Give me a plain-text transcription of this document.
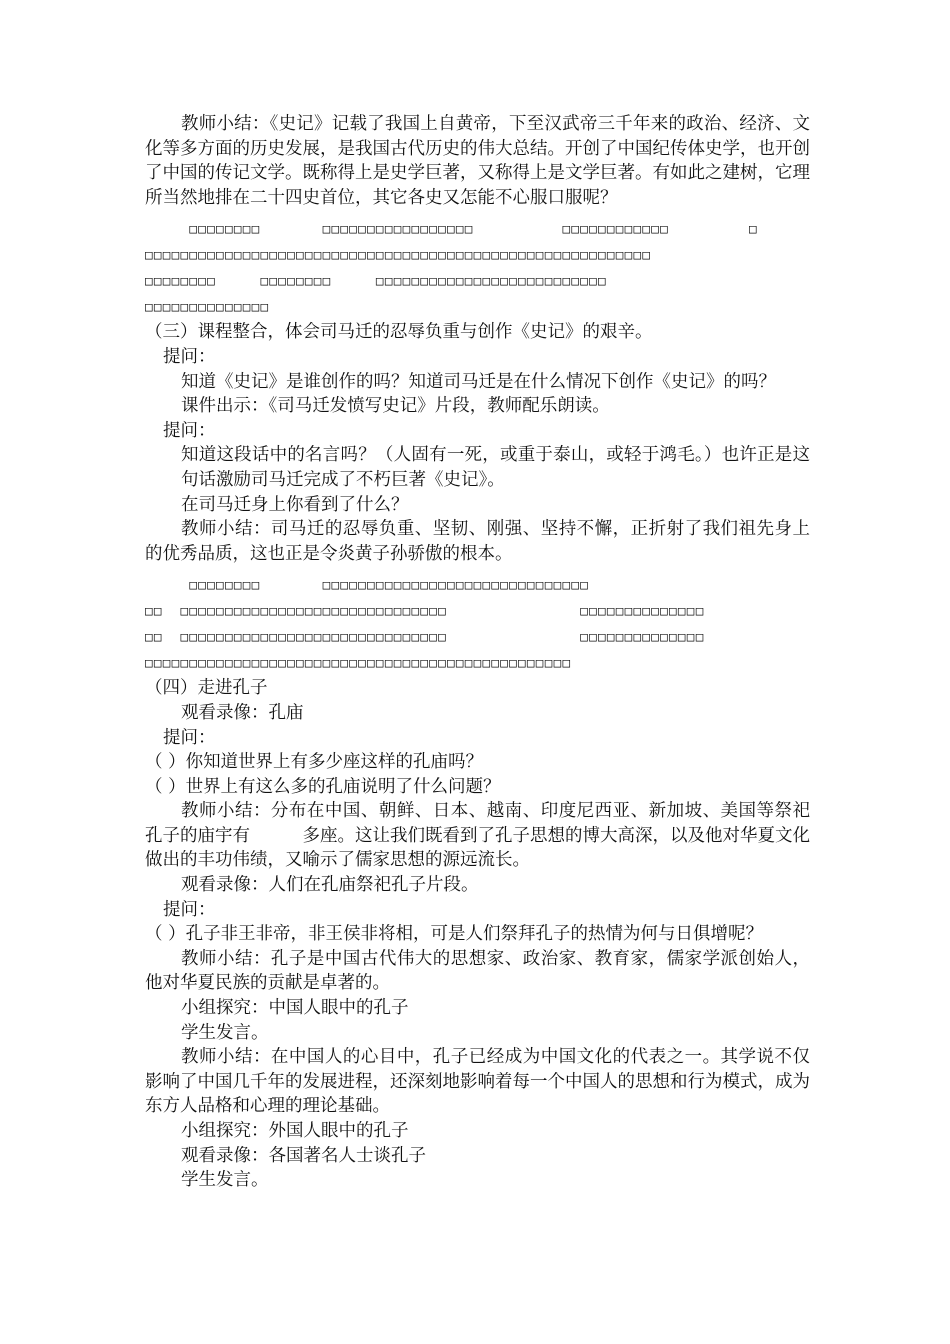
教师小结：《史记》记载了我国上自黄帝，下至汉武帝三千年来的政治、经济、文化等多方面的历史发展，是我国古代历史的伟大总结。开创了中国纪传体史学，也开创了中国的传记文学。既称得上是史学巨著，又称得上是文学巨著。有如此之建树，它理所当然地排在二十四史首位，其它各史又怎能不心服口服呢？

□□□□□□□□       □□□□□□□□□□□□□□□□□          □□□□□□□□□□□□         □
□□□□□□□□□□□□□□□□□□□□□□□□□□□□□□□□□□□□□□□□□□□□□□□□□□□□□□□□□
□□□□□□□□     □□□□□□□□     □□□□□□□□□□□□□□□□□□□□□□□□□□
□□□□□□□□□□□□□□

（三）课程整合，体会司马迁的忍辱负重与创作《史记》的艰辛。

提问：

知道《史记》是谁创作的吗？知道司马迁是在什么情况下创作《史记》的吗？

课件出示：《司马迁发愤写史记》片段，教师配乐朗读。

提问：

知道这段话中的名言吗？（人固有一死，或重于泰山，或轻于鸿毛。）也许正是这句话激励司马迁完成了不朽巨著《史记》。

在司马迁身上你看到了什么？

教师小结：司马迁的忍辱负重、坚韧、刚强、坚持不懈，正折射了我们祖先身上的优秀品质，这也正是令炎黄子孙骄傲的根本。

□□□□□□□□       □□□□□□□□□□□□□□□□□□□□□□□□□□□□□□
□□  □□□□□□□□□□□□□□□□□□□□□□□□□□□□□□               □□□□□□□□□□□□□□
□□  □□□□□□□□□□□□□□□□□□□□□□□□□□□□□□               □□□□□□□□□□□□□□
□□□□□□□□□□□□□□□□□□□□□□□□□□□□□□□□□□□□□□□□□□□□□□□□

（四）走进孔子

观看录像：孔庙

提问：

（ ）你知道世界上有多少座这样的孔庙吗？

（ ）世界上有这么多的孔庙说明了什么问题？

教师小结：分布在中国、朝鲜、日本、越南、印度尼西亚、新加坡、美国等祭祀孔子的庙宇有　　　多座。这让我们既看到了孔子思想的博大高深，以及他对华夏文化做出的丰功伟绩，又喻示了儒家思想的源远流长。

观看录像：人们在孔庙祭祀孔子片段。

提问：

（ ）孔子非王非帝，非王侯非将相，可是人们祭拜孔子的热情为何与日俱增呢？

教师小结：孔子是中国古代伟大的思想家、政治家、教育家，儒家学派创始人，他对华夏民族的贡献是卓著的。

小组探究：中国人眼中的孔子

学生发言。

教师小结：在中国人的心目中，孔子已经成为中国文化的代表之一。其学说不仅影响了中国几千年的发展进程，还深刻地影响着每一个中国人的思想和行为模式，成为东方人品格和心理的理论基础。

小组探究：外国人眼中的孔子

观看录像：各国著名人士谈孔子

学生发言。
